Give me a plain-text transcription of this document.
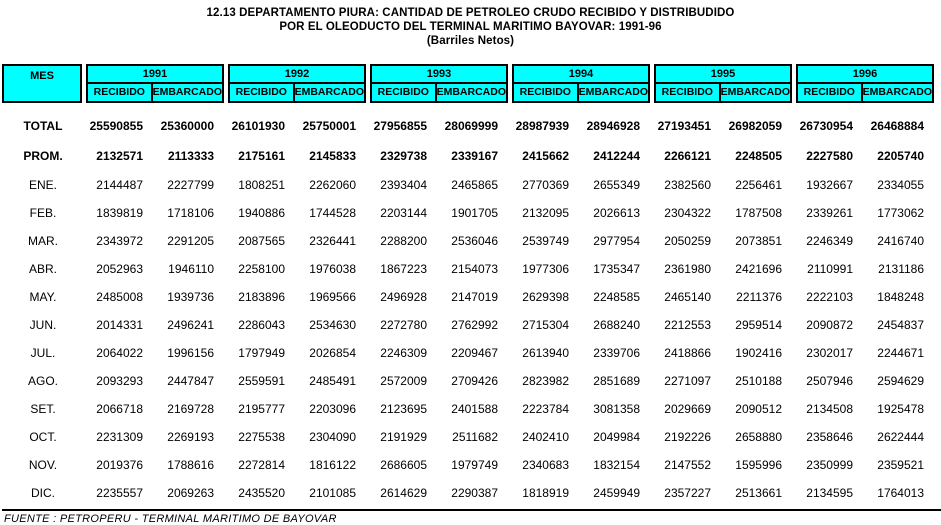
12.13 DEPARTAMENTO PIURA: CANTIDAD DE PETROLEO CRUDO RECIBIDO Y DISTRIBUDIDO
POR EL OLEODUCTO DEL TERMINAL MARITIMO BAYOVAR: 1991-96
(Barriles Netos)
MES	1991
RECIBIDO EMBARCADO
1992
RECIBIDO EMBARCADO
1993
RECIBIDO EMBARCADO
1994
RECIBIDO EMBARCADO
1995
RECIBIDO EMBARCADO
1996
RECIBIDO EMBARCADO
TOTAL	25590855	25360000	26101930	25750001	27956855	28069999	28987939	28946928	27193451	26982059	26730954	26468884
PROM.	2132571	2113333	2175161	2145833	2329738	2339167	2415662	2412244	2266121	2248505	2227580	2205740
ENE.	2144487	2227799	1808251	2262060	2393404	2465865	2770369	2655349	2382560	2256461	1932667	2334055
FEB.	1839819	1718106	1940886	1744528	2203144	1901705	2132095	2026613	2304322	1787508	2339261	1773062
MAR.	2343972	2291205	2087565	2326441	2288200	2536046	2539749	2977954	2050259	2073851	2246349	2416740
ABR.	2052963	1946110	2258100	1976038	1867223	2154073	1977306	1735347	2361980	2421696	2110991	2131186
MAY.	2485008	1939736	2183896	1969566	2496928	2147019	2629398	2248585	2465140	2211376	2222103	1848248
JUN.	2014331	2496241	2286043	2534630	2272780	2762992	2715304	2688240	2212553	2959514	2090872	2454837
JUL.	2064022	1996156	1797949	2026854	2246309	2209467	2613940	2339706	2418866	1902416	2302017	2244671
AGO.	2093293	2447847	2559591	2485491	2572009	2709426	2823982	2851689	2271097	2510188	2507946	2594629
SET.	2066718	2169728	2195777	2203096	2123695	2401588	2223784	3081358	2029669	2090512	2134508	1925478
OCT.	2231309	2269193	2275538	2304090	2191929	2511682	2402410	2049984	2192226	2658880	2358646	2622444
NOV.	2019376	1788616	2272814	1816122	2686605	1979749	2340683	1832154	2147552	1595996	2350999	2359521
DIC.	2235557	2069263	2435520	2101085	2614629	2290387	1818919	2459949	2357227	2513661	2134595	1764013
FUENTE : PETROPERU - TERMINAL MARITIMO DE BAYOVAR
